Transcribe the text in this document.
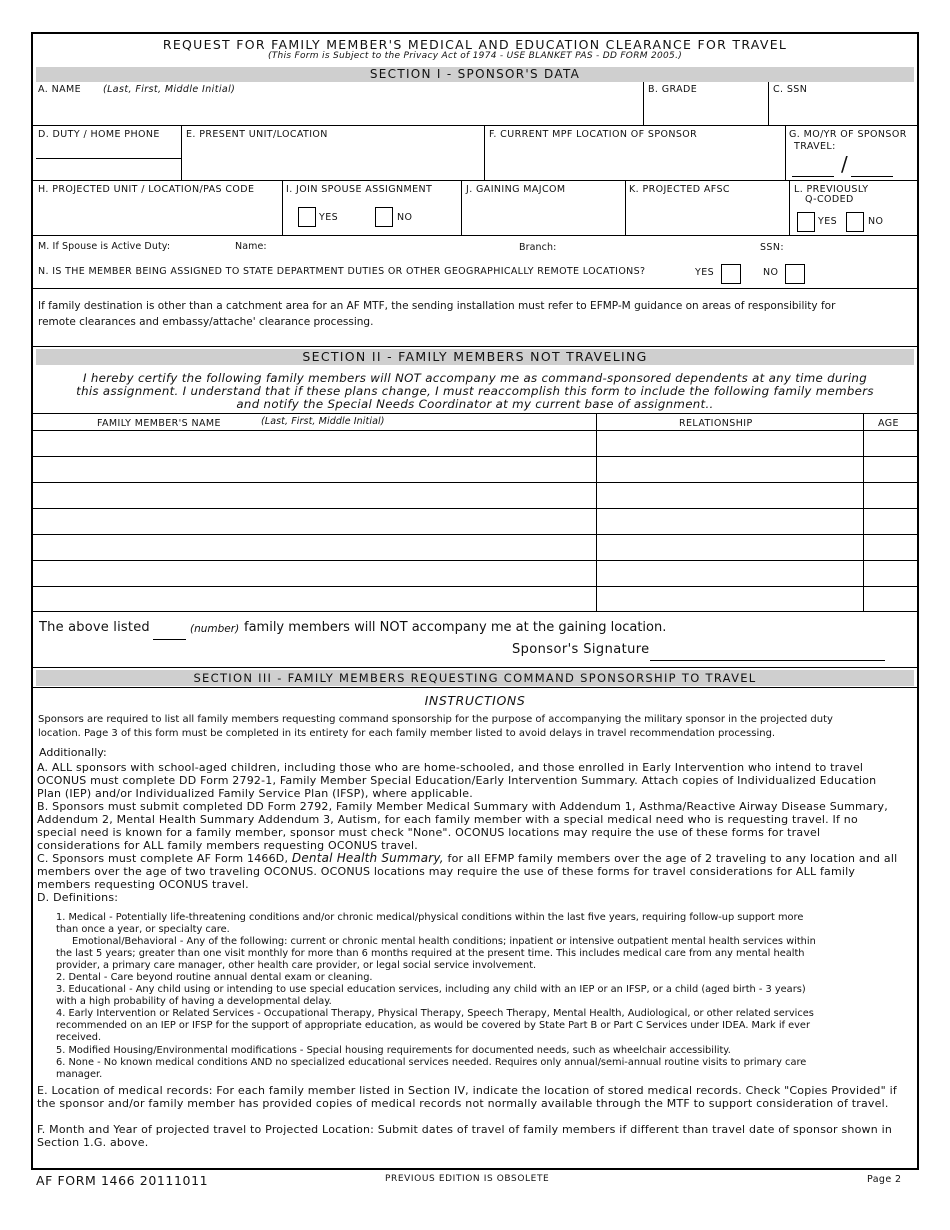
REQUEST FOR FAMILY MEMBER'S MEDICAL AND EDUCATION CLEARANCE FOR TRAVEL
(This Form is Subject to the Privacy Act of 1974 - USE BLANKET PAS - DD FORM 2005.)
SECTION I - SPONSOR'S DATA
A. NAME (Last, First, Middle Initial)	B. GRADE	C. SSN
D. DUTY / HOME PHONE	E. PRESENT UNIT/LOCATION	F. CURRENT MPF LOCATION OF SPONSOR	G. MO/YR OF SPONSOR
TRAVEL:
/
H. PROJECTED UNIT / LOCATION/PAS CODE	I. JOIN SPOUSE ASSIGNMENT
YES	NO
J. GAINING MAJCOM	K. PROJECTED AFSC	L. PREVIOUSLY
Q-CODED
YES	NO
M. If Spouse is Active Duty:	Name:	Branch:	SSN:
N. IS THE MEMBER BEING ASSIGNED TO STATE DEPARTMENT DUTIES OR OTHER GEOGRAPHICALLY REMOTE LOCATIONS?	YES	NO
If family destination is other than a catchment area for an AF MTF, the sending installation must refer to EFMP-M guidance on areas of responsibility for remote clearances and embassy/attache' clearance processing.
SECTION II - FAMILY MEMBERS NOT TRAVELING
I hereby certify the following family members will NOT accompany me as command-sponsored dependents at any time during
this assignment. I understand that if these plans change, I must reaccomplish this form to include the following family members
and notify the Special Needs Coordinator at my current base of assignment..
FAMILY MEMBER'S NAME	(Last, First, Middle Initial)	RELATIONSHIP	AGE
The above listed	(number) family members will NOT accompany me at the gaining location.
Sponsor's Signature
SECTION III - FAMILY MEMBERS REQUESTING COMMAND SPONSORSHIP TO TRAVEL
INSTRUCTIONS
Sponsors are required to list all family members requesting command sponsorship for the purpose of accompanying the military sponsor in the projected duty location. Page 3 of this form must be completed in its entirety for each family member listed to avoid delays in travel recommendation processing.
Additionally:
A. ALL sponsors with school-aged children, including those who are home-schooled, and those enrolled in Early Intervention who intend to travel OCONUS must complete DD Form 2792-1, Family Member Special Education/Early Intervention Summary. Attach copies of Individualized Education Plan (IEP) and/or Individualized Family Service Plan (IFSP), where applicable.
B. Sponsors must submit completed DD Form 2792, Family Member Medical Summary with Addendum 1, Asthma/Reactive Airway Disease Summary, Addendum 2, Mental Health Summary Addendum 3, Autism, for each family member with a special medical need who is requesting travel. If no special need is known for a family member, sponsor must check "None". OCONUS locations may require the use of these forms for travel considerations for ALL family members requesting OCONUS travel.
C. Sponsors must complete AF Form 1466D, Dental Health Summary, for all EFMP family members over the age of 2 traveling to any location and all members over the age of two traveling OCONUS. OCONUS locations may require the use of these forms for travel considerations for ALL family members requesting OCONUS travel.
D. Definitions:
1. Medical - Potentially life-threatening conditions and/or chronic medical/physical conditions within the last five years, requiring follow-up support more than once a year, or specialty care.
Emotional/Behavioral - Any of the following: current or chronic mental health conditions; inpatient or intensive outpatient mental health services within the last 5 years; greater than one visit monthly for more than 6 months required at the present time. This includes medical care from any mental health provider, a primary care manager, other health care provider, or legal social service involvement.
2. Dental - Care beyond routine annual dental exam or cleaning.
3. Educational - Any child using or intending to use special education services, including any child with an IEP or an IFSP, or a child (aged birth - 3 years) with a high probability of having a developmental delay.
4. Early Intervention or Related Services - Occupational Therapy, Physical Therapy, Speech Therapy, Mental Health, Audiological, or other related services recommended on an IEP or IFSP for the support of appropriate education, as would be covered by State Part B or Part C Services under IDEA. Mark if ever received.
5. Modified Housing/Environmental modifications - Special housing requirements for documented needs, such as wheelchair accessibility.
6. None - No known medical conditions AND no specialized educational services needed. Requires only annual/semi-annual routine visits to primary care manager.
E. Location of medical records: For each family member listed in Section IV, indicate the location of stored medical records. Check "Copies Provided" if the sponsor and/or family member has provided copies of medical records not normally available through the MTF to support consideration of travel.
F. Month and Year of projected travel to Projected Location: Submit dates of travel of family members if different than travel date of sponsor shown in Section 1.G. above.
AF FORM 1466 20111011	PREVIOUS EDITION IS OBSOLETE	Page 2
